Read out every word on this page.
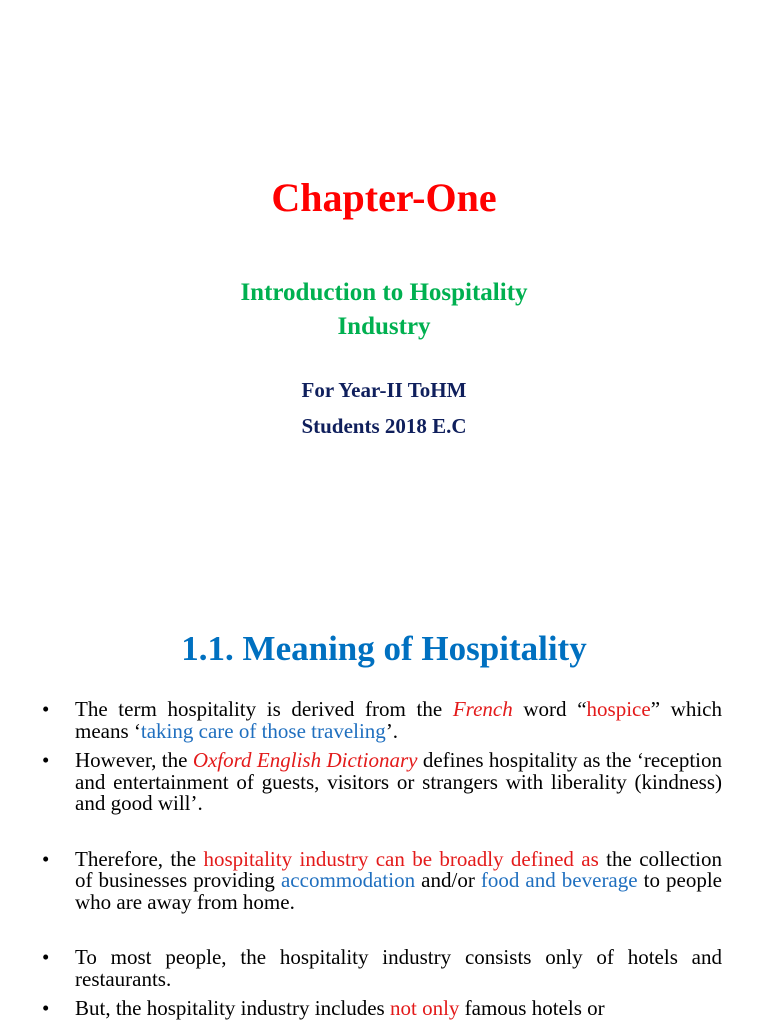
Chapter-One
Introduction to Hospitality
Industry
For Year-II ToHM
Students 2018 E.C
1.1. Meaning of Hospitality
• The term hospitality is derived from the French word “hospice” which means ‘taking care of those traveling’.
• However, the Oxford English Dictionary defines hospitality as the ‘reception and entertainment of guests, visitors or strangers with liberality (kindness) and good will’.
• Therefore, the hospitality industry can be broadly defined as the collection of businesses providing accommodation and/or food and beverage to people who are away from home.
• To most people, the hospitality industry consists only of hotels and restaurants.
• But, the hospitality industry includes not only famous hotels or
